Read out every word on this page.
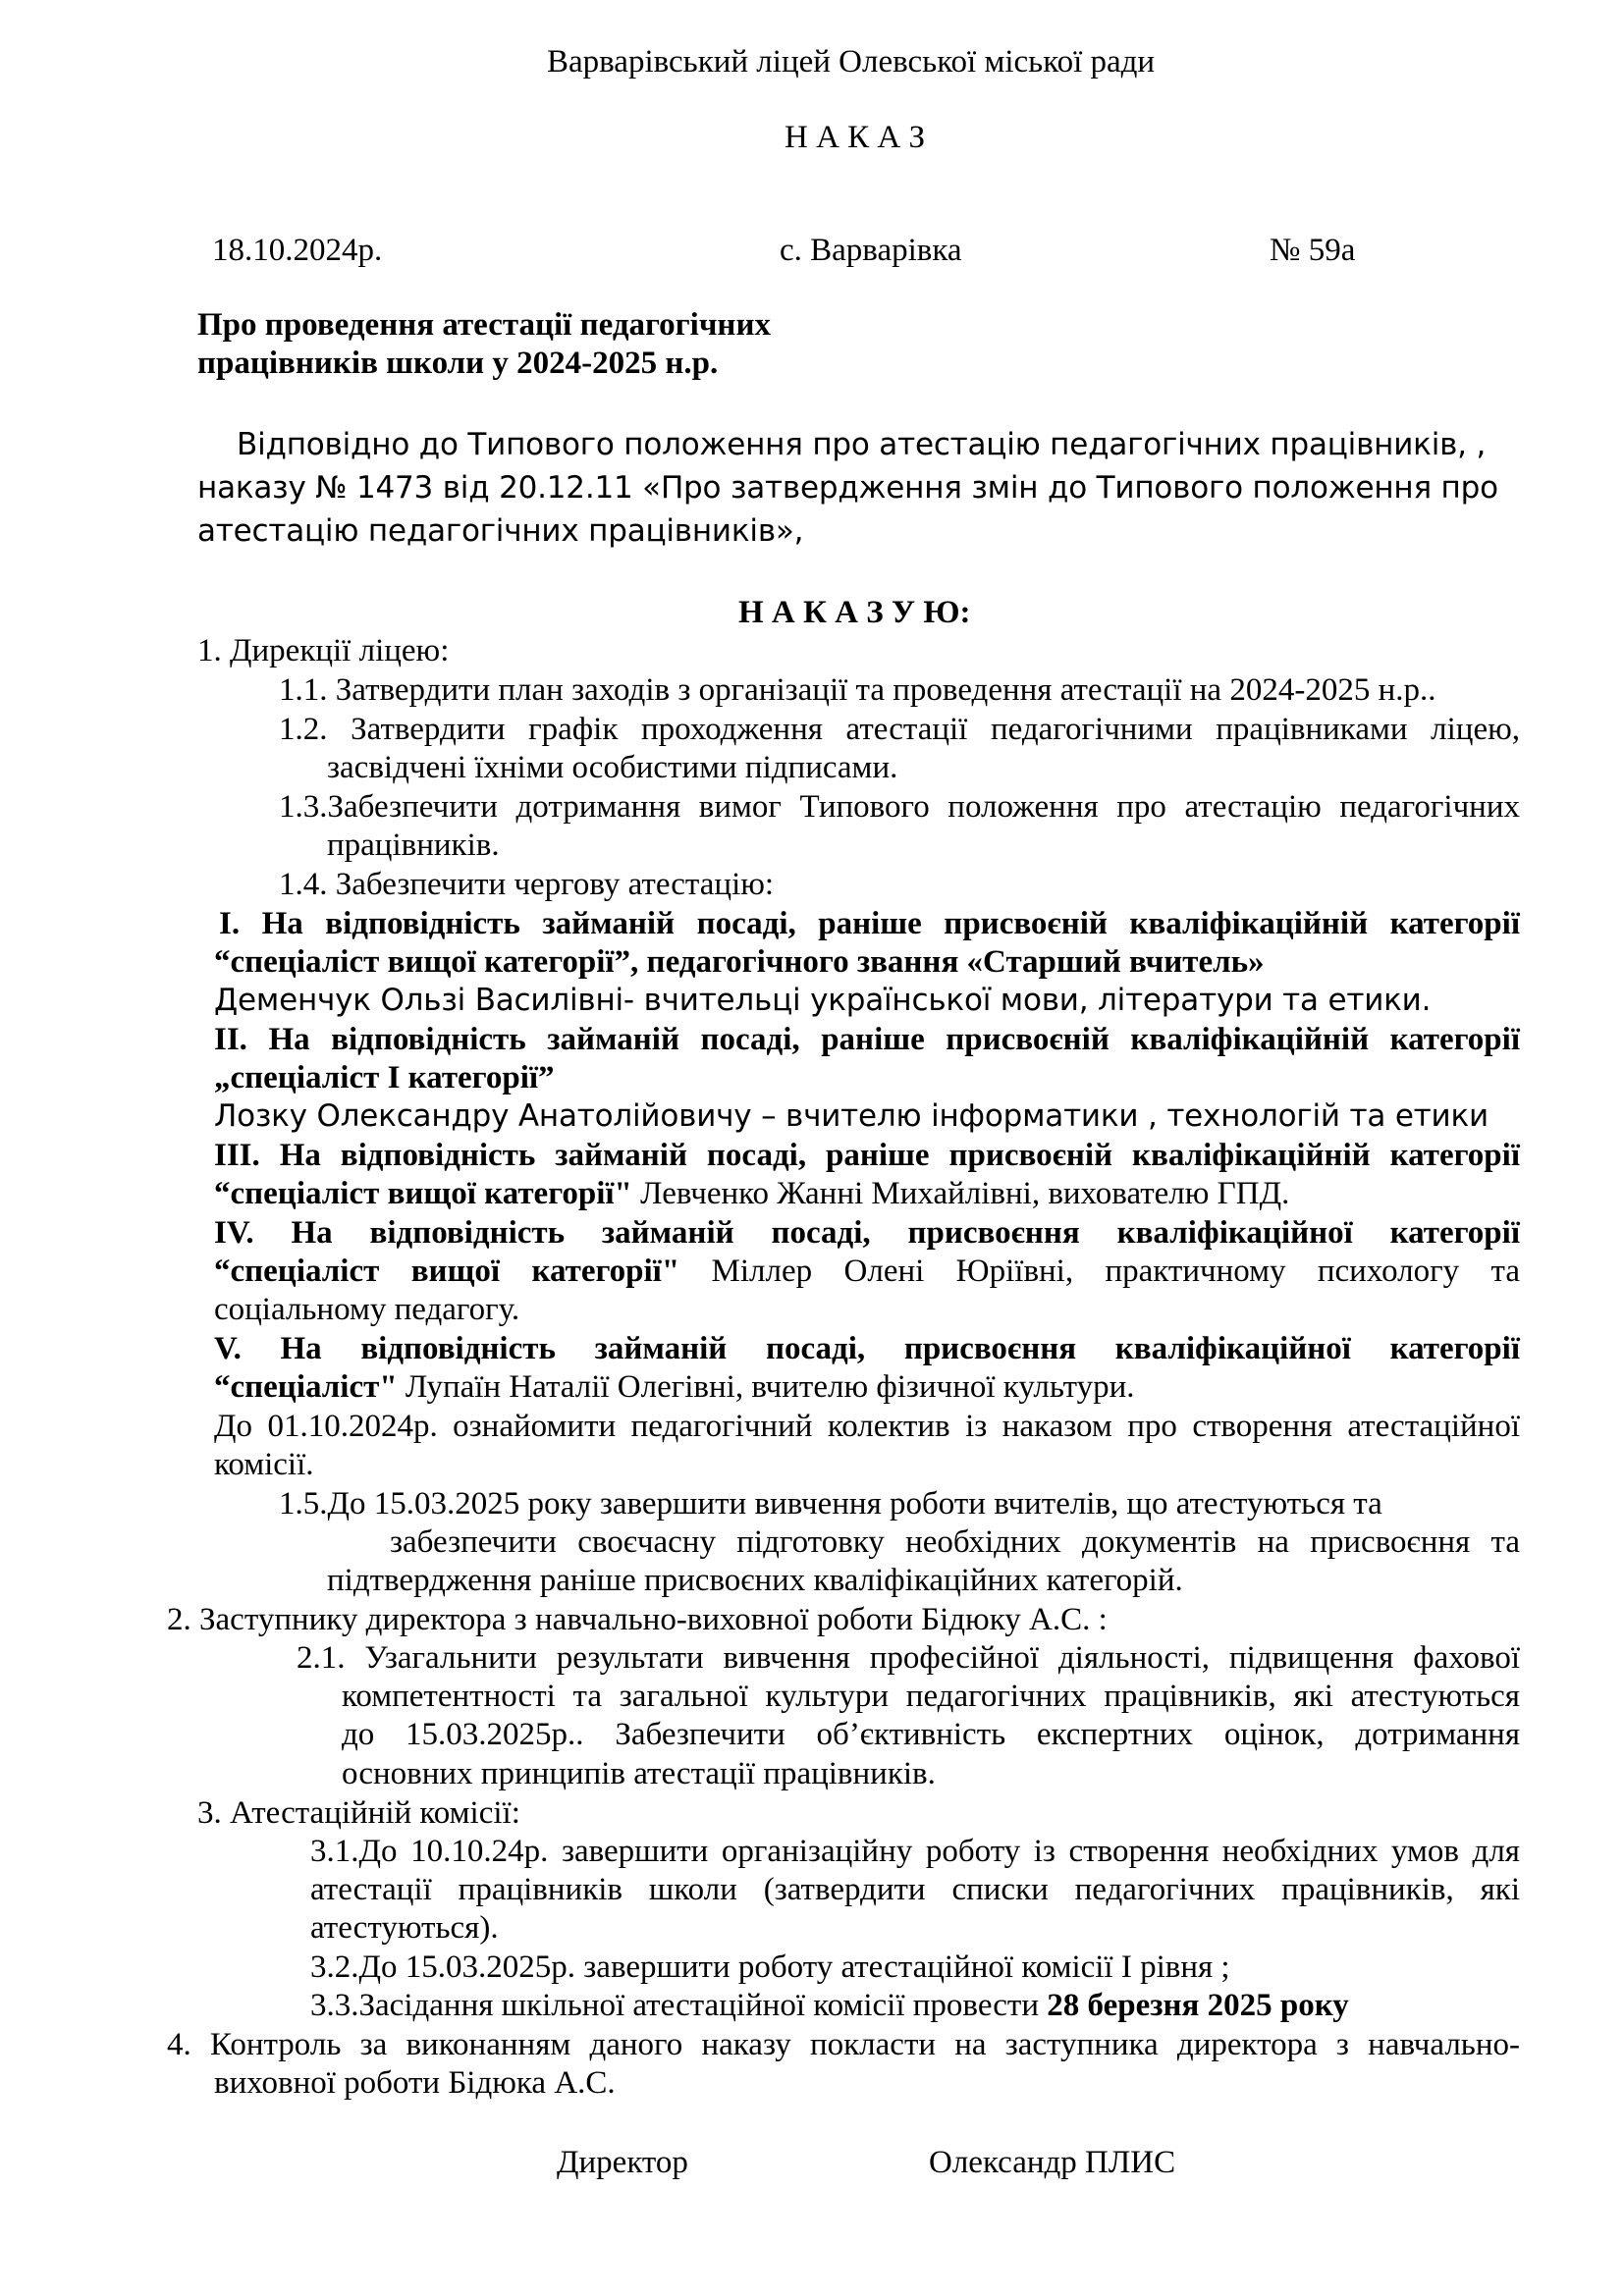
Варварівський ліцей Олевської міської ради
Н А К А З
18.10.2024р.	с. Варварівка	№ 59а
Про проведення атестації педагогічних
працівників школи у 2024-2025 н.р.
Відповідно до Типового положення про атестацію педагогічних працівників, ,
наказу № 1473 від 20.12.11 «Про затвердження змін до Типового положення про
атестацію педагогічних працівників»,
Н А К А З У Ю:
1. Дирекції ліцею:
1.1. Затвердити план заходів з організації та проведення атестації на 2024-2025 н.р..
1.2. Затвердити графік проходження атестації педагогічними працівниками ліцею,
засвідчені їхніми особистими підписами.
1.3.Забезпечити дотримання вимог Типового положення про атестацію педагогічних
працівників.
1.4. Забезпечити чергову атестацію:
І. На відповідність займаній посаді, раніше присвоєній кваліфікаційній категорії
“спеціаліст вищої категорії”, педагогічного звання «Старший вчитель»
Деменчук Ользі Василівні- вчительці української мови, літератури та етики.
ІІ. На відповідність займаній посаді, раніше присвоєній кваліфікаційній категорії
„спеціаліст І категорії”
Лозку Олександру Анатолійовичу – вчителю інформатики , технологій та етики
ІІІ. На відповідність займаній посаді, раніше присвоєній кваліфікаційній категорії
“спеціаліст вищої категорії" Левченко Жанні Михайлівні, вихователю ГПД.
IV. На відповідність займаній посаді, присвоєння кваліфікаційної категорії
“спеціаліст вищої категорії" Міллер Олені Юріївні, практичному психологу та
соціальному педагогу.
V. На відповідність займаній посаді, присвоєння кваліфікаційної категорії
“спеціаліст" Лупаїн Наталії Олегівні, вчителю фізичної культури.
До 01.10.2024р. ознайомити педагогічний колектив із наказом про створення атестаційної
комісії.
1.5.До 15.03.2025 року завершити вивчення роботи вчителів, що атестуються та
забезпечити своєчасну підготовку необхідних документів на присвоєння та
підтвердження раніше присвоєних кваліфікаційних категорій.
2. Заступнику директора з навчально-виховної роботи Бідюку А.С. :
2.1. Узагальнити результати вивчення професійної діяльності, підвищення фахової
компетентності та загальної культури педагогічних працівників, які атестуються
до 15.03.2025р.. Забезпечити об’єктивність експертних оцінок, дотримання
основних принципів атестації працівників.
3. Атестаційній комісії:
3.1.До 10.10.24р. завершити організаційну роботу із створення необхідних умов для
атестації працівників школи (затвердити списки педагогічних працівників, які
атестуються).
3.2.До 15.03.2025р. завершити роботу атестаційної комісії І рівня ;
3.3.Засідання шкільної атестаційної комісії провести 28 березня 2025 року
4. Контроль за виконанням даного наказу покласти на заступника директора з навчально-
виховної роботи Бідюка А.С.
Директор	Олександр ПЛИС
